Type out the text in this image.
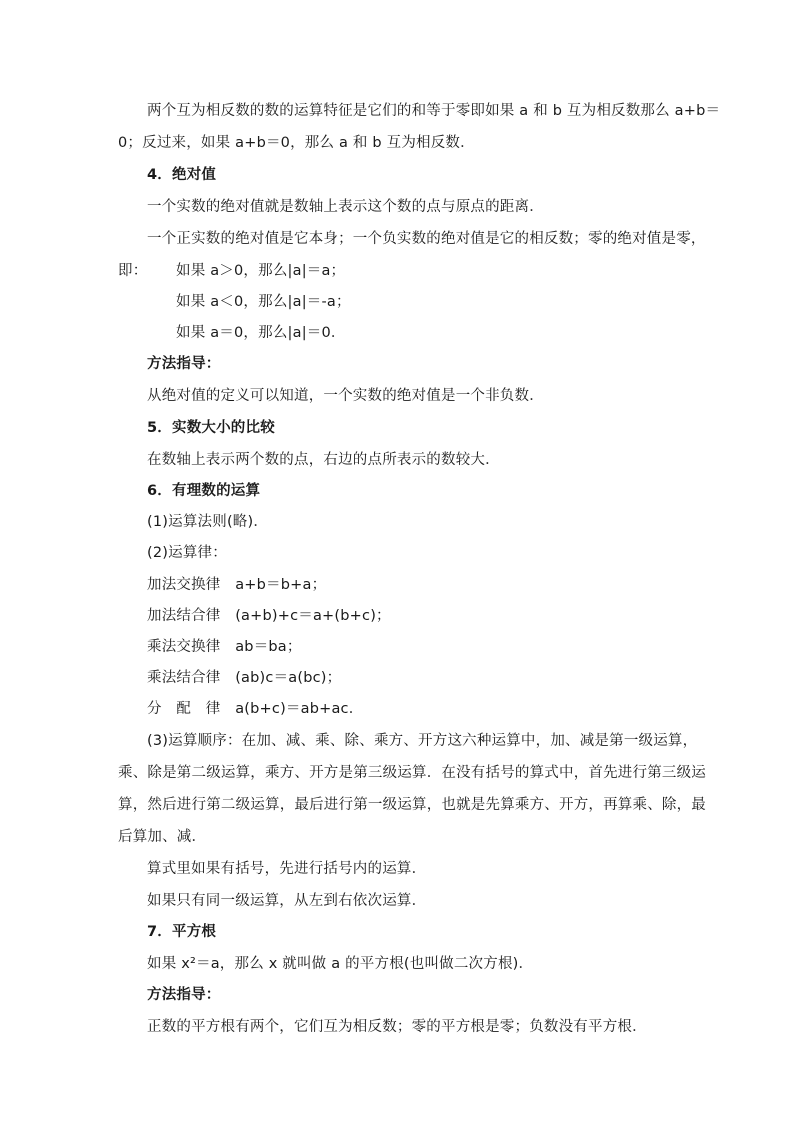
两个互为相反数的数的运算特征是它们的和等于零即如果 a 和 b 互为相反数那么 a+b＝
0；反过来，如果 a+b＝0，那么 a 和 b 互为相反数．
4．绝对值
一个实数的绝对值就是数轴上表示这个数的点与原点的距离．
一个正实数的绝对值是它本身；一个负实数的绝对值是它的相反数；零的绝对值是零，
即： 如果 a＞0，那么|a|＝a；
如果 a＜0，那么|a|＝-a；
如果 a＝0，那么|a|＝0．
方法指导：
从绝对值的定义可以知道，一个实数的绝对值是一个非负数．
5．实数大小的比较
在数轴上表示两个数的点，右边的点所表示的数较大．
6．有理数的运算
(1)运算法则(略)．
(2)运算律：
加法交换律　a+b＝b+a；
加法结合律　(a+b)+c＝a+(b+c)；
乘法交换律　ab＝ba；
乘法结合律　(ab)c＝a(bc)；
分　配　律　a(b+c)＝ab+ac．
(3)运算顺序：在加、减、乘、除、乘方、开方这六种运算中，加、减是第一级运算，
乘、除是第二级运算，乘方、开方是第三级运算．在没有括号的算式中，首先进行第三级运
算，然后进行第二级运算，最后进行第一级运算，也就是先算乘方、开方，再算乘、除，最
后算加、减．
算式里如果有括号，先进行括号内的运算．
如果只有同一级运算，从左到右依次运算．
7．平方根
如果 x²＝a，那么 x 就叫做 a 的平方根(也叫做二次方根)．
方法指导：
正数的平方根有两个，它们互为相反数；零的平方根是零；负数没有平方根．
